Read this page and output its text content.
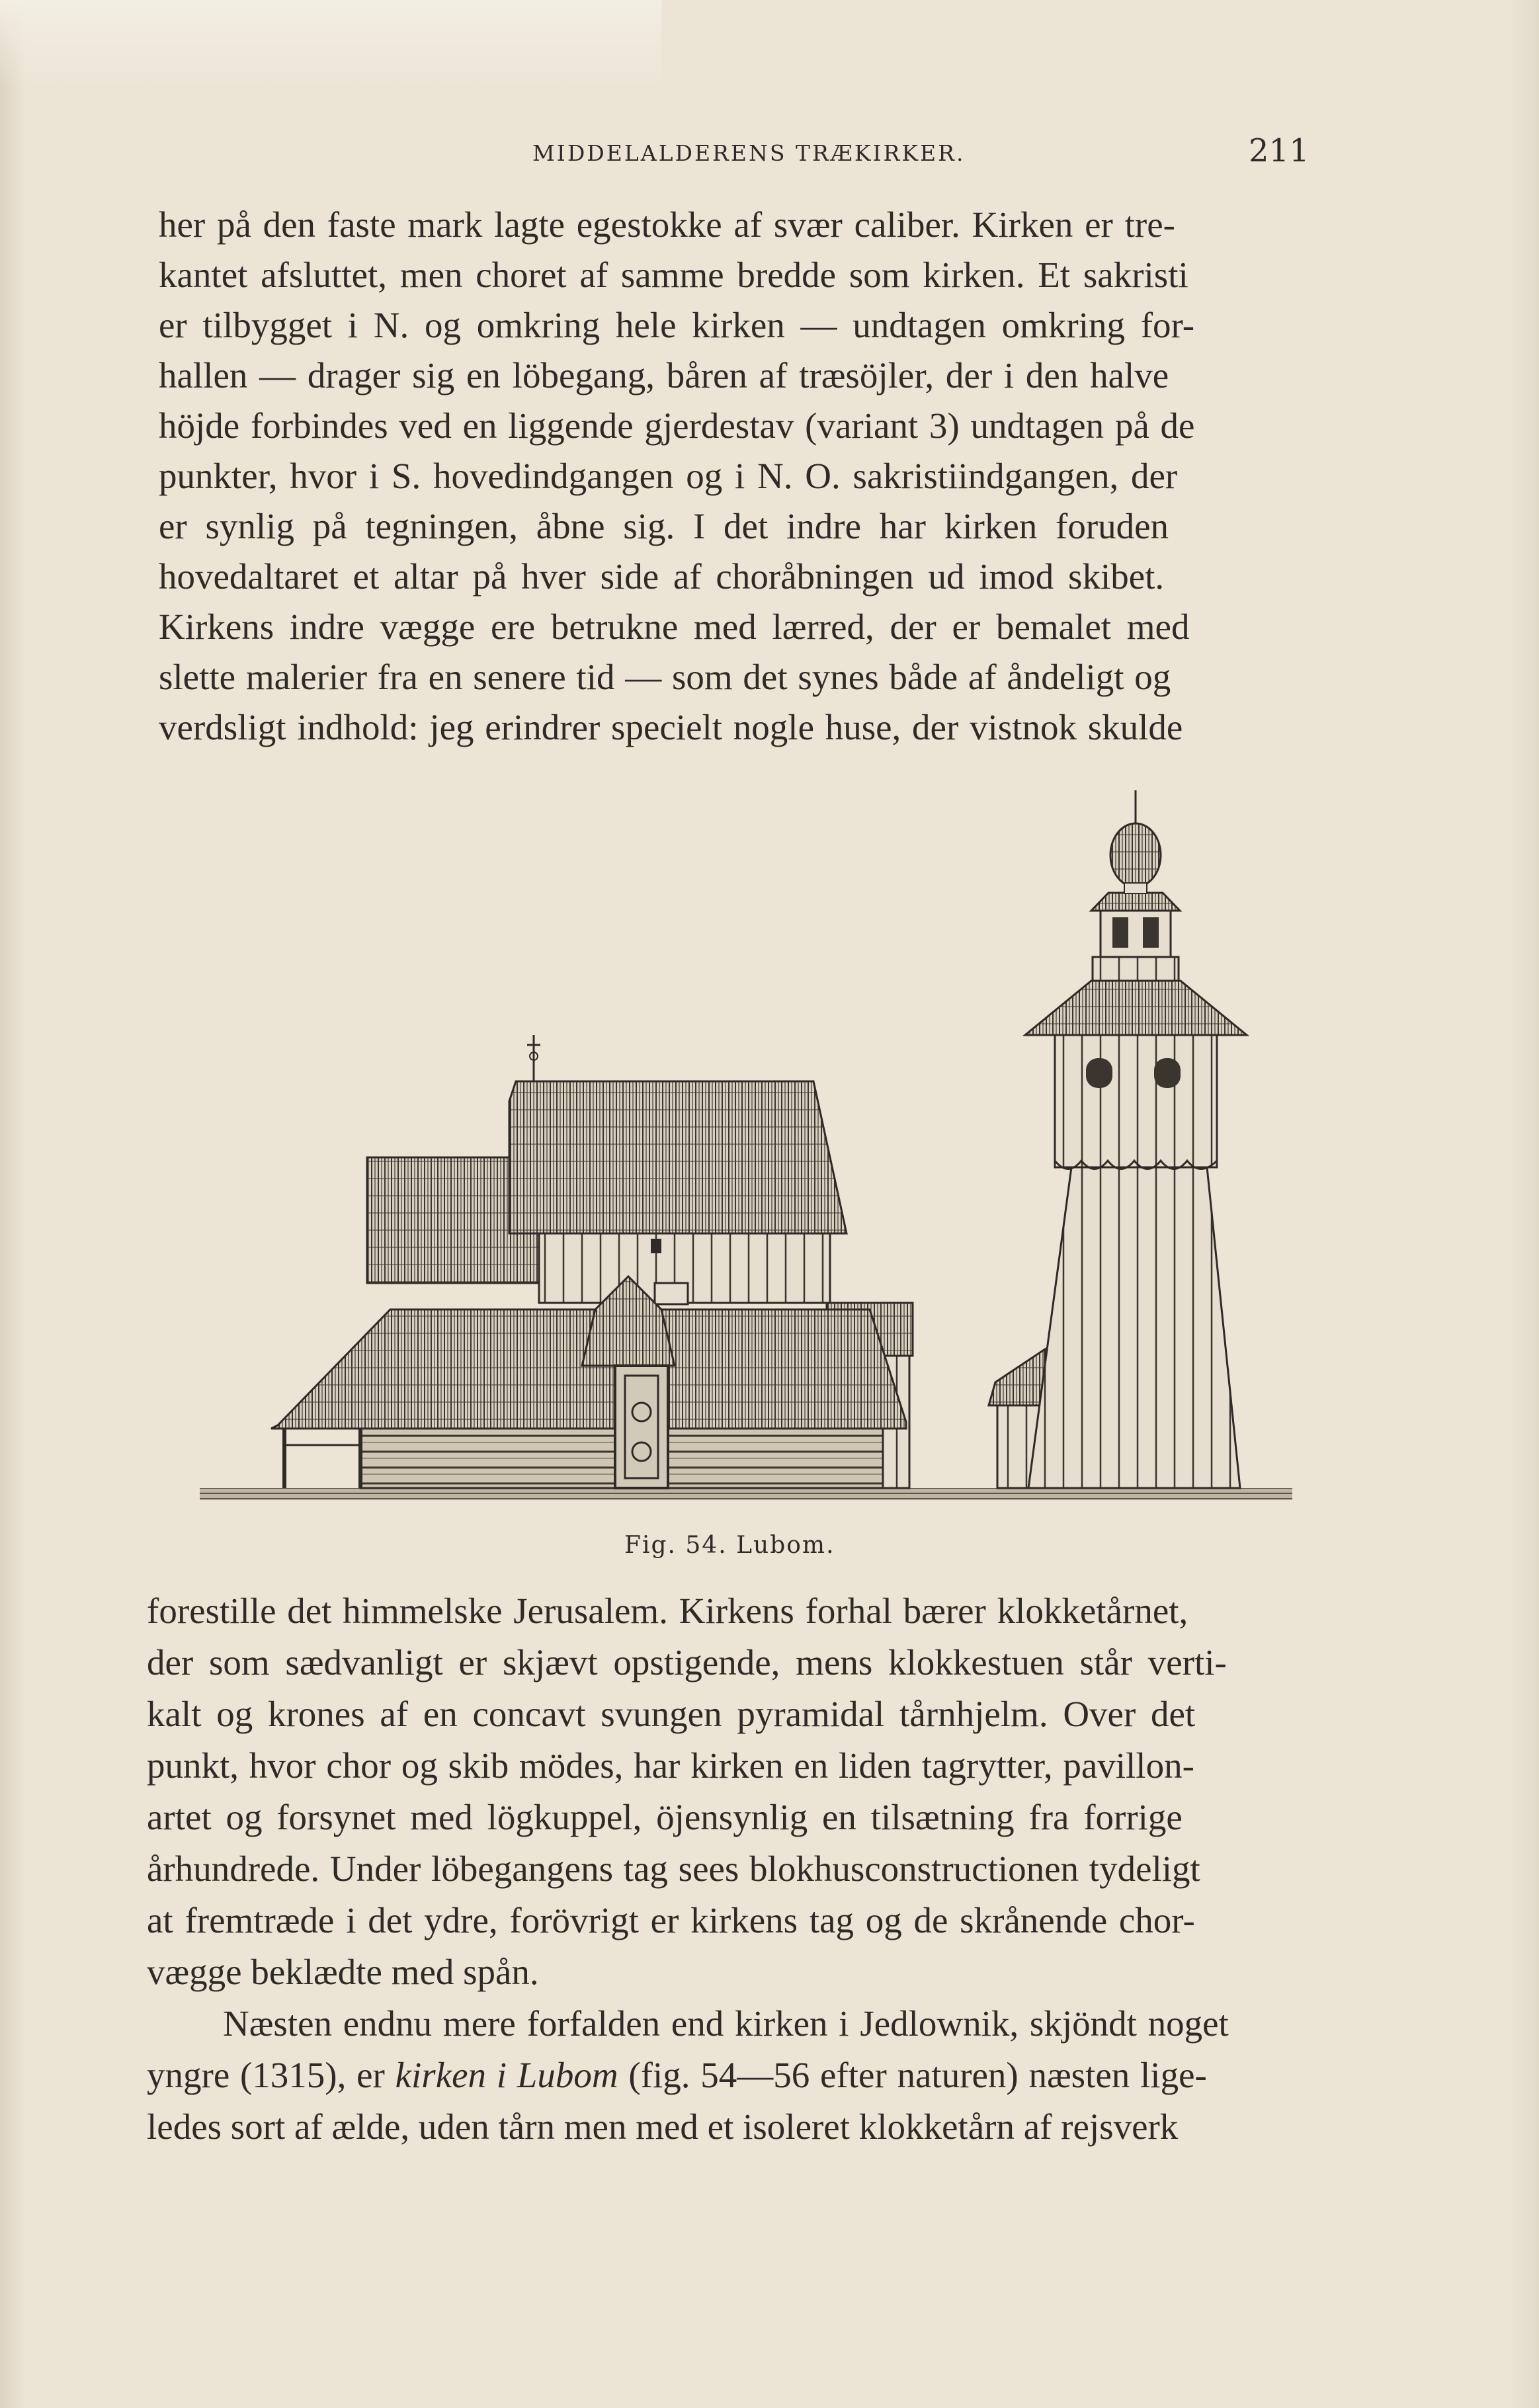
MIDDELALDERENS TRÆKIRKER.	211
her på den faste mark lagte egestokke af svær caliber. Kirken er tre-
kantet afsluttet, men choret af samme bredde som kirken. Et sakristi
er tilbygget i N. og omkring hele kirken — undtagen omkring for-
hallen — drager sig en löbegang, båren af træsöjler, der i den halve
höjde forbindes ved en liggende gjerdestav (variant 3) undtagen på de
punkter, hvor i S. hovedindgangen og i N. O. sakristiindgangen, der
er synlig på tegningen, åbne sig. I det indre har kirken foruden
hovedaltaret et altar på hver side af choråbningen ud imod skibet.
Kirkens indre vægge ere betrukne med lærred, der er bemalet med
slette malerier fra en senere tid — som det synes både af åndeligt og
verdsligt indhold: jeg erindrer specielt nogle huse, der vistnok skulde
Fig. 54. Lubom.
forestille det himmelske Jerusalem. Kirkens forhal bærer klokketårnet,
der som sædvanligt er skjævt opstigende, mens klokkestuen står verti-
kalt og krones af en concavt svungen pyramidal tårnhjelm. Over det
punkt, hvor chor og skib mödes, har kirken en liden tagrytter, pavillon-
artet og forsynet med lögkuppel, öjensynlig en tilsætning fra forrige
århundrede. Under löbegangens tag sees blokhusconstructionen tydeligt
at fremtræde i det ydre, forövrigt er kirkens tag og de skrånende chor-
vægge beklædte med spån.
Næsten endnu mere forfalden end kirken i Jedlownik, skjöndt noget
yngre (1315), er kirken i Lubom (fig. 54—56 efter naturen) næsten lige-
ledes sort af ælde, uden tårn men med et isoleret klokketårn af rejsverk
